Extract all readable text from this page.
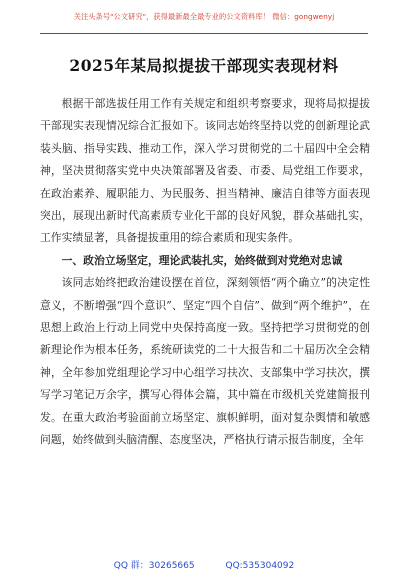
关注头条号"公文研究"，获得最新最全最专业的公文资料库！ 微信：gongwenyj
2025年某局拟提拔干部现实表现材料

根据干部选拔任用工作有关规定和组织考察要求，现将局拟提拔干部现实表现情况综合汇报如下。该同志始终坚持以党的创新理论武装头脑、指导实践、推动工作，深入学习贯彻党的二十届四中全会精神，坚决贯彻落实党中央决策部署及省委、市委、局党组工作要求，在政治素养、履职能力、为民服务、担当精神、廉洁自律等方面表现突出，展现出新时代高素质专业化干部的良好风貌，群众基础扎实，工作实绩显著，具备提拔重用的综合素质和现实条件。

一、政治立场坚定，理论武装扎实，始终做到对党绝对忠诚

该同志始终把政治建设摆在首位，深刻领悟“两个确立”的决定性意义，不断增强“四个意识”、坚定“四个自信”、做到“两个维护”，在思想上政治上行动上同党中央保持高度一致。坚持把学习贯彻党的创新理论作为根本任务，系统研读党的二十大报告和二十届历次全会精神，全年参加党组理论学习中心组学习扶次、支部集中学习扶次，撰写学习笔记万余字，撰写心得体会篇，其中篇在市级机关党建简报刊发。在重大政治考验面前立场坚定、旗帜鲜明，面对复杂舆情和敏感问题，始终做到头脑清醒、态度坚决，严格执行请示报告制度，全年

QQ 群：30265665	QQ:535304092
